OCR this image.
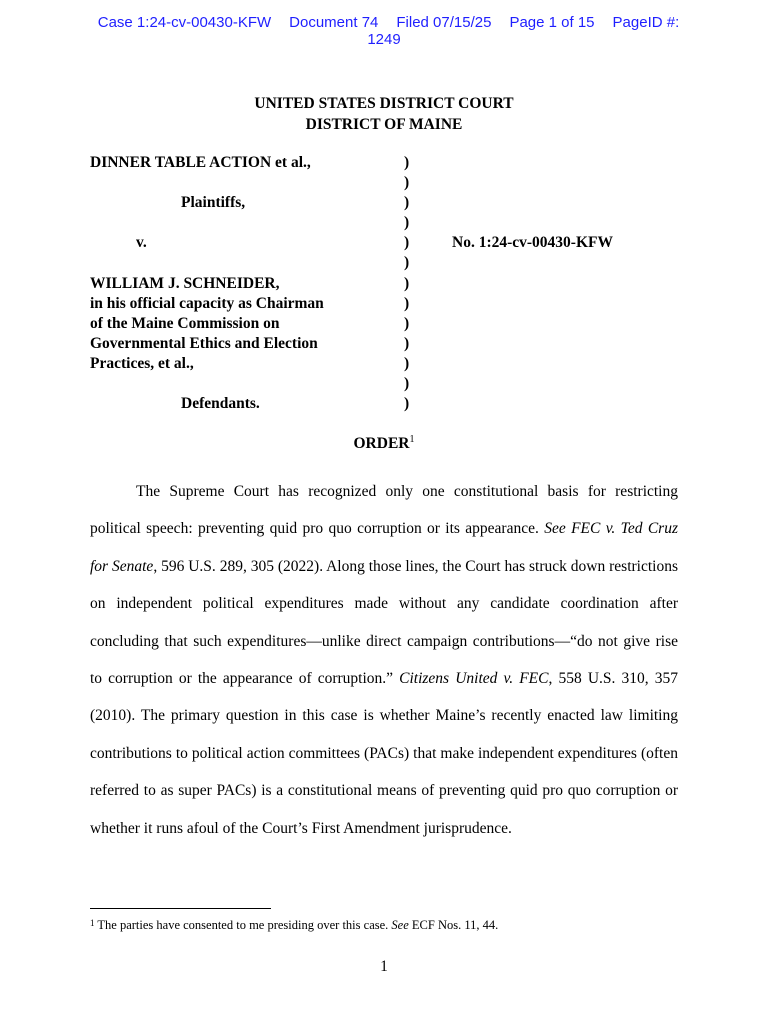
Case 1:24-cv-00430-KFW Document 74 Filed 07/15/25 Page 1 of 15 PageID #:
1249
UNITED STATES DISTRICT COURT
DISTRICT OF MAINE
DINNER TABLE ACTION et al.,	)
)
Plaintiffs,	)
)
v.	)	No. 1:24-cv-00430-KFW
)
WILLIAM J. SCHNEIDER,	)
in his official capacity as Chairman	)
of the Maine Commission on	)
Governmental Ethics and Election	)
Practices, et al.,	)
)
Defendants.	)
ORDER$^1$

The Supreme Court has recognized only one constitutional basis for restricting political speech: preventing quid pro quo corruption or its appearance. See FEC v. Ted Cruz for Senate, 596 U.S. 289, 305 (2022). Along those lines, the Court has struck down restrictions on independent political expenditures made without any candidate coordination after concluding that such expenditures—unlike direct campaign contributions—“do not give rise to corruption or the appearance of corruption.” Citizens United v. FEC, 558 U.S. 310, 357 (2010). The primary question in this case is whether Maine’s recently enacted law limiting contributions to political action committees (PACs) that make independent expenditures (often referred to as super PACs) is a constitutional means of preventing quid pro quo corruption or whether it runs afoul of the Court’s First Amendment jurisprudence.

$^1$ The parties have consented to me presiding over this case. See ECF Nos. 11, 44.
1
